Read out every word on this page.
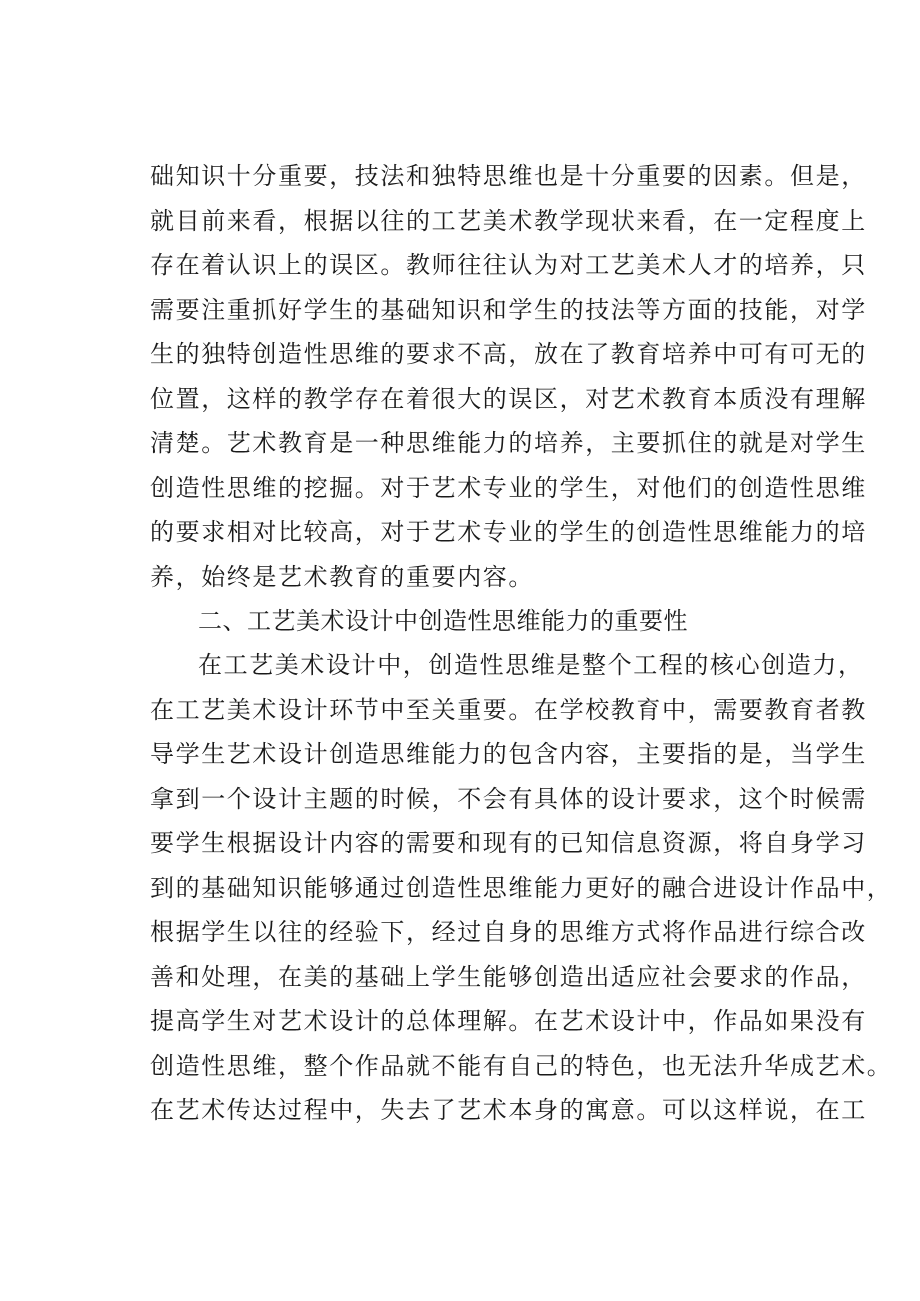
础知识十分重要，技法和独特思维也是十分重要的因素。但是，
就目前来看，根据以往的工艺美术教学现状来看，在一定程度上
存在着认识上的误区。教师往往认为对工艺美术人才的培养，只
需要注重抓好学生的基础知识和学生的技法等方面的技能，对学
生的独特创造性思维的要求不高，放在了教育培养中可有可无的
位置，这样的教学存在着很大的误区，对艺术教育本质没有理解
清楚。艺术教育是一种思维能力的培养，主要抓住的就是对学生
创造性思维的挖掘。对于艺术专业的学生，对他们的创造性思维
的要求相对比较高，对于艺术专业的学生的创造性思维能力的培
养，始终是艺术教育的重要内容。
二、工艺美术设计中创造性思维能力的重要性
在工艺美术设计中，创造性思维是整个工程的核心创造力，
在工艺美术设计环节中至关重要。在学校教育中，需要教育者教
导学生艺术设计创造思维能力的包含内容，主要指的是，当学生
拿到一个设计主题的时候，不会有具体的设计要求，这个时候需
要学生根据设计内容的需要和现有的已知信息资源，将自身学习
到的基础知识能够通过创造性思维能力更好的融合进设计作品中，
根据学生以往的经验下，经过自身的思维方式将作品进行综合改
善和处理，在美的基础上学生能够创造出适应社会要求的作品，
提高学生对艺术设计的总体理解。在艺术设计中，作品如果没有
创造性思维，整个作品就不能有自己的特色，也无法升华成艺术。
在艺术传达过程中，失去了艺术本身的寓意。可以这样说，在工
